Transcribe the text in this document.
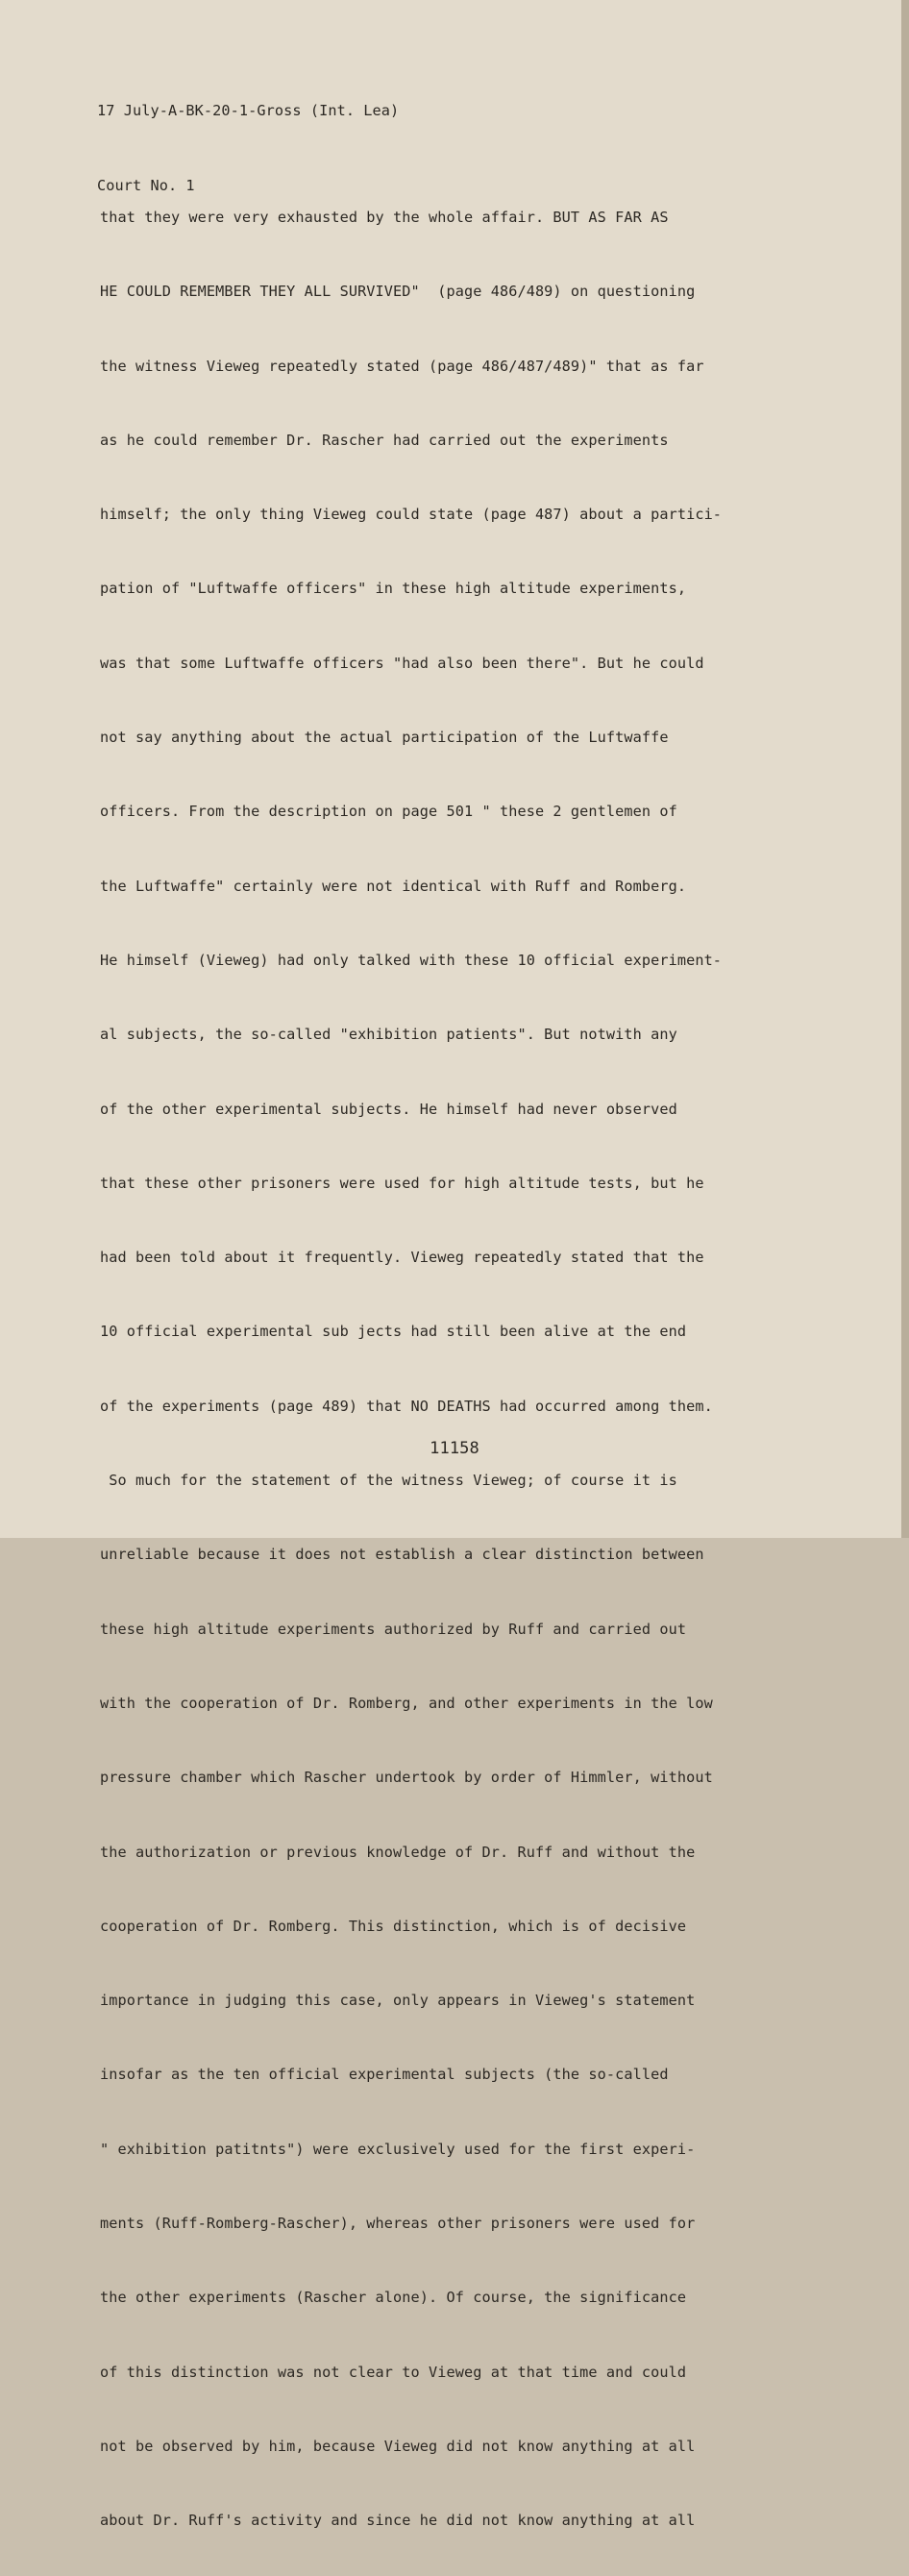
17 July-A-BK-20-1-Gross (Int. Lea)

Court No. 1

that they were very exhausted by the whole affair. BUT AS FAR AS

HE COULD REMEMBER THEY ALL SURVIVED"  (page 486/489) on questioning

the witness Vieweg repeatedly stated (page 486/487/489)" that as far

as he could remember Dr. Rascher had carried out the experiments

himself; the only thing Vieweg could state (page 487) about a partici-

pation of "Luftwaffe officers" in these high altitude experiments,

was that some Luftwaffe officers "had also been there". But he could

not say anything about the actual participation of the Luftwaffe

officers. From the description on page 501 " these 2 gentlemen of

the Luftwaffe" certainly were not identical with Ruff and Romberg.

He himself (Vieweg) had only talked with these 10 official experiment-

al subjects, the so-called "exhibition patients". But notwith any

of the other experimental subjects. He himself had never observed

that these other prisoners were used for high altitude tests, but he

had been told about it frequently. Vieweg repeatedly stated that the

10 official experimental sub jects had still been alive at the end

of the experiments (page 489) that NO DEATHS had occurred among them.

So much for the statement of the witness Vieweg; of course it is

unreliable because it does not establish a clear distinction between

these high altitude experiments authorized by Ruff and carried out

with the cooperation of Dr. Romberg, and other experiments in the low

pressure chamber which Rascher undertook by order of Himmler, without

the authorization or previous knowledge of Dr. Ruff and without the

cooperation of Dr. Romberg. This distinction, which is of decisive

importance in judging this case, only appears in Vieweg's statement

insofar as the ten official experimental subjects (the so-called

" exhibition patitnts") were exclusively used for the first experi-

ments (Ruff-Romberg-Rascher), whereas other prisoners were used for

the other experiments (Rascher alone). Of course, the significance

of this distinction was not clear to Vieweg at that time and could

not be observed by him, because Vieweg did not know anything at all

about Dr. Ruff's activity and since he did not know anything at all

11158
